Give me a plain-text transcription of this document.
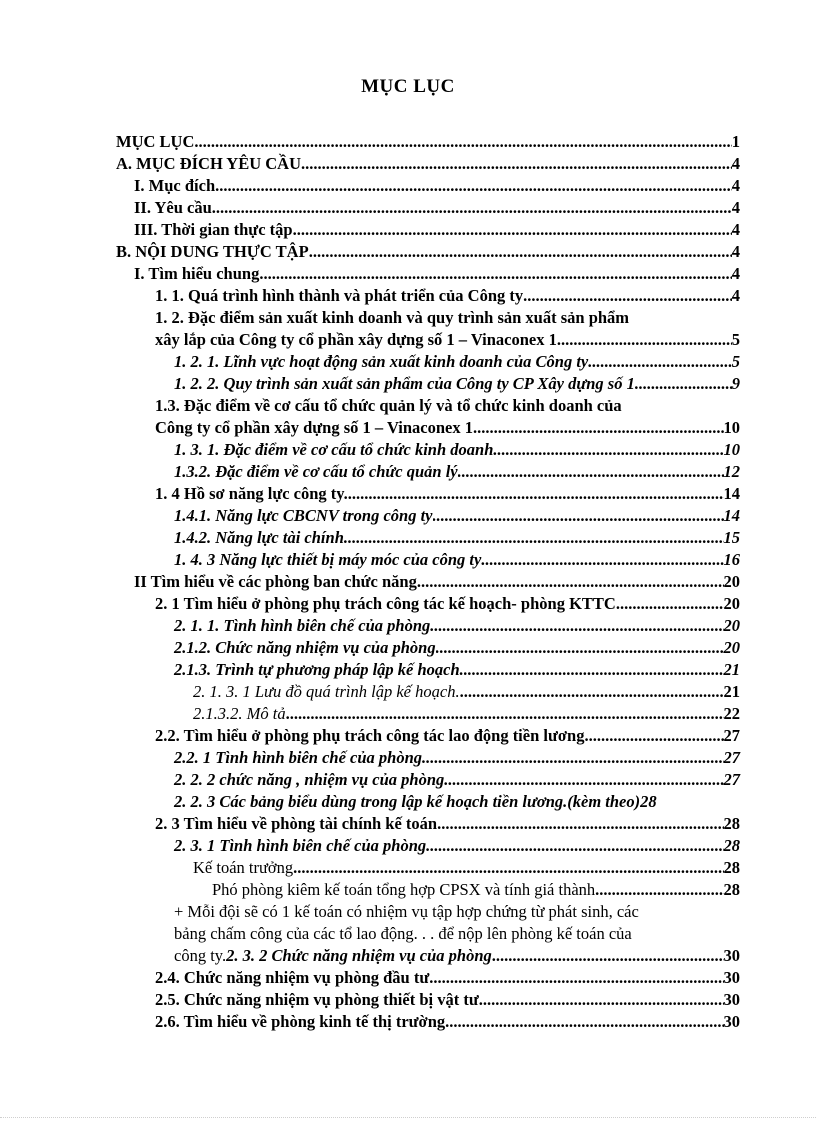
MỤC LỤC
MỤC LỤC .....	1
A. MỤC ĐÍCH YÊU CẦU .....	4
I. Mục đích .....	4
II. Yêu cầu .....	4
III. Thời gian thực tập .....	4
B. NỘI DUNG THỰC TẬP .....	4
I. Tìm hiểu chung .....	4
1. 1. Quá trình hình thành và phát triển của Công ty .....	4
1. 2. Đặc điểm sản xuất kinh doanh và quy trình sản xuất sản phẩm
xây lắp của Công ty cổ phần xây dựng số 1 – Vinaconex 1 .....	5
1. 2. 1. Lĩnh vực hoạt động sản xuất kinh doanh của Công ty .....	5
1. 2. 2. Quy trình sản xuất sản phẩm của Công ty CP Xây dựng số 1 .....	9
1.3. Đặc điểm về cơ cấu tổ chức quản lý và tổ chức kinh doanh của
Công ty cổ phần xây dựng số 1 – Vinaconex 1 .....	10
1. 3. 1. Đặc điểm về cơ cấu tổ chức kinh doanh .....	10
1.3.2. Đặc điểm về cơ cấu tổ chức quản lý .....	12
1. 4 Hồ sơ năng lực công ty. .....	14
1.4.1. Năng lực CBCNV trong công ty .....	14
1.4.2. Năng lực tài chính .....	15
1. 4. 3 Năng lực thiết bị máy móc của công ty .....	16
II Tìm hiểu về các phòng ban chức năng .....	20
2. 1 Tìm hiểu ở phòng phụ trách công tác kế hoạch- phòng KTTC .....	20
2. 1. 1. Tình hình biên chế của phòng. .....	20
2.1.2. Chức năng nhiệm vụ của phòng .....	20
2.1.3. Trình tự phương pháp lập kế hoạch. .....	21
2. 1. 3. 1 Lưu đồ quá trình lập kế hoạch. .....	21
2.1.3.2. Mô tả .....	22
2.2. Tìm hiểu ở phòng phụ trách công tác lao động tiền lương. .....	27
2.2. 1 Tình hình biên chế của phòng. .....	27
2. 2. 2 chức năng , nhiệm vụ của phòng. .....	27
2. 2. 3 Các bảng biểu dùng trong lập kế hoạch tiền lương.(kèm theo)28
2. 3 Tìm hiểu về phòng tài chính kế toán .....	28
2. 3. 1 Tình hình biên chế của phòng. .....	28
Kế toán trưởng .....	28
Phó phòng kiêm kế toán tổng hợp CPSX và tính giá thành .....	28
+ Mỗi đội sẽ có 1 kế toán có nhiệm vụ tập hợp chứng từ phát sinh, các
bảng chấm công của các tổ lao động. . . để nộp lên phòng kế toán của
công ty. 2. 3. 2 Chức năng nhiệm vụ của phòng .....	30
2.4. Chức năng nhiệm vụ phòng đầu tư .....	30
2.5. Chức năng nhiệm vụ phòng thiết bị vật tư .....	30
2.6. Tìm hiểu về phòng kinh tế thị trường .....	30
